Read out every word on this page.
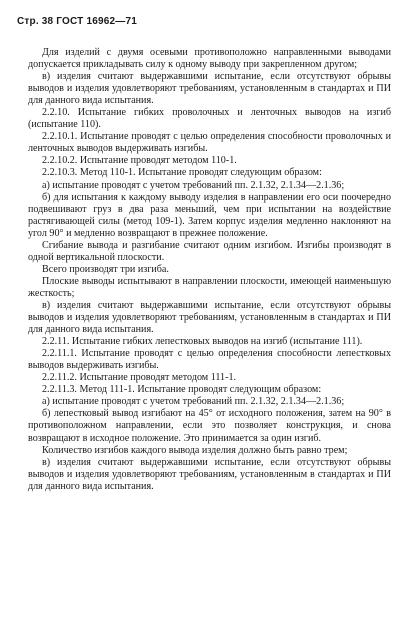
Стр. 38 ГОСТ 16962—71

Для изделий с двумя осевыми противоположно направленными выводами допускается прикладывать силу к одному выводу при закрепленном другом;

в) изделия считают выдержавшими испытание, если отсутствуют обрывы выводов и изделия удовлетворяют требованиям, установленным в стандартах и ПИ для данного вида испытания.

2.2.10. Испытание гибких проволочных и ленточных выводов на изгиб (испытание 110).

2.2.10.1. Испытание проводят с целью определения способности проволочных и ленточных выводов выдерживать изгибы.

2.2.10.2. Испытание проводят методом 110-1.

2.2.10.3. Метод 110-1. Испытание проводят следующим образом:

а) испытание проводят с учетом требований пп. 2.1.32, 2.1.34—2.1.36;

б) для испытания к каждому выводу изделия в направлении его оси поочередно подвешивают груз в два раза меньший, чем при испытании на воздействие растягивающей силы (метод 109-1). Затем корпус изделия медленно наклоняют на угол 90° и медленно возвращают в прежнее положение.

Сгибание вывода и разгибание считают одним изгибом. Изгибы производят в одной вертикальной плоскости.

Всего производят три изгиба.

Плоские выводы испытывают в направлении плоскости, имеющей наименьшую жесткость;

в) изделия считают выдержавшими испытание, если отсутствуют обрывы выводов и изделия удовлетворяют требованиям, установленным в стандартах и ПИ для данного вида испытания.

2.2.11. Испытание гибких лепестковых выводов на изгиб (испытание 111).

2.2.11.1. Испытание проводят с целью определения способности лепестковых выводов выдерживать изгибы.

2.2.11.2. Испытание проводят методом 111-1.

2.2.11.3. Метод 111-1. Испытание проводят следующим образом:

а) испытание проводят с учетом требований пп. 2.1.32, 2.1.34—2.1.36;

б) лепестковый вывод изгибают на 45° от исходного положения, затем на 90° в противоположном направлении, если это позволяет конструкция, и снова возвращают в исходное положение. Это принимается за один изгиб.

Количество изгибов каждого вывода изделия должно быть равно трем;

в) изделия считают выдержавшими испытание, если отсутствуют обрывы выводов и изделия удовлетворяют требованиям, установленным в стандартах и ПИ для данного вида испытания.
